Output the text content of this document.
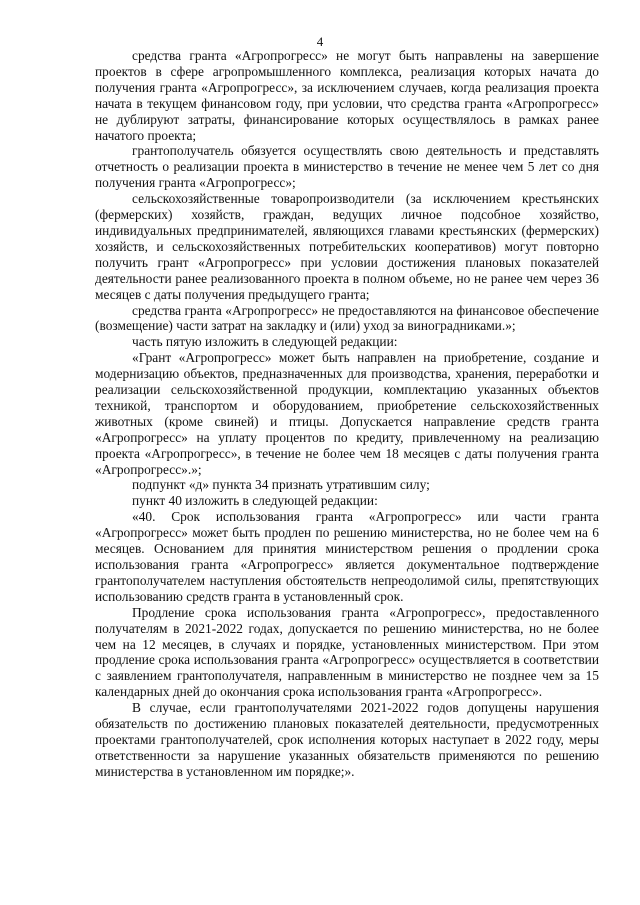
4

средства гранта «Агропрогресс» не могут быть направлены на завершение проектов в сфере агропромышленного комплекса, реализация которых начата до получения гранта «Агропрогресс», за исключением случаев, когда реализация проекта начата в текущем финансовом году, при условии, что средства гранта «Агропрогресс» не дублируют затраты, финансирование которых осуществлялось в рамках ранее начатого проекта;

грантополучатель обязуется осуществлять свою деятельность и представлять отчетность о реализации проекта в министерство в течение не менее чем 5 лет со дня получения гранта «Агропрогресс»;

сельскохозяйственные товаропроизводители (за исключением крестьянских (фермерских) хозяйств, граждан, ведущих личное подсобное хозяйство, индивидуальных предпринимателей, являющихся главами крестьянских (фермерских) хозяйств, и сельскохозяйственных потребительских кооперативов) могут повторно получить грант «Агропрогресс» при условии достижения плановых показателей деятельности ранее реализованного проекта в полном объеме, но не ранее чем через 36 месяцев с даты получения предыдущего гранта;

средства гранта «Агропрогресс» не предоставляются на финансовое обеспечение (возмещение) части затрат на закладку и (или) уход за виноградниками.»;

часть пятую изложить в следующей редакции:

«Грант «Агропрогресс» может быть направлен на приобретение, создание и модернизацию объектов, предназначенных для производства, хранения, переработки и реализации сельскохозяйственной продукции, комплектацию указанных объектов техникой, транспортом и оборудованием, приобретение сельскохозяйственных животных (кроме свиней) и птицы. Допускается направление средств гранта «Агропрогресс» на уплату процентов по кредиту, привлеченному на реализацию проекта «Агропрогресс», в течение не более чем 18 месяцев с даты получения гранта «Агропрогресс».»;

подпункт «д» пункта 34 признать утратившим силу;

пункт 40 изложить в следующей редакции:

«40. Срок использования гранта «Агропрогресс» или части гранта «Агропрогресс» может быть продлен по решению министерства, но не более чем на 6 месяцев. Основанием для принятия министерством решения о продлении срока использования гранта «Агропрогресс» является документальное подтверждение грантополучателем наступления обстоятельств непреодолимой силы, препятствующих использованию средств гранта в установленный срок.

Продление срока использования гранта «Агропрогресс», предоставленного получателям в 2021-2022 годах, допускается по решению министерства, но не более чем на 12 месяцев, в случаях и порядке, установленных министерством. При этом продление срока использования гранта «Агропрогресс» осуществляется в соответствии с заявлением грантополучателя, направленным в министерство не позднее чем за 15 календарных дней до окончания срока использования гранта «Агропрогресс».

В случае, если грантополучателями 2021-2022 годов допущены нарушения обязательств по достижению плановых показателей деятельности, предусмотренных проектами грантополучателей, срок исполнения которых наступает в 2022 году, меры ответственности за нарушение указанных обязательств применяются по решению министерства в установленном им порядке;».
